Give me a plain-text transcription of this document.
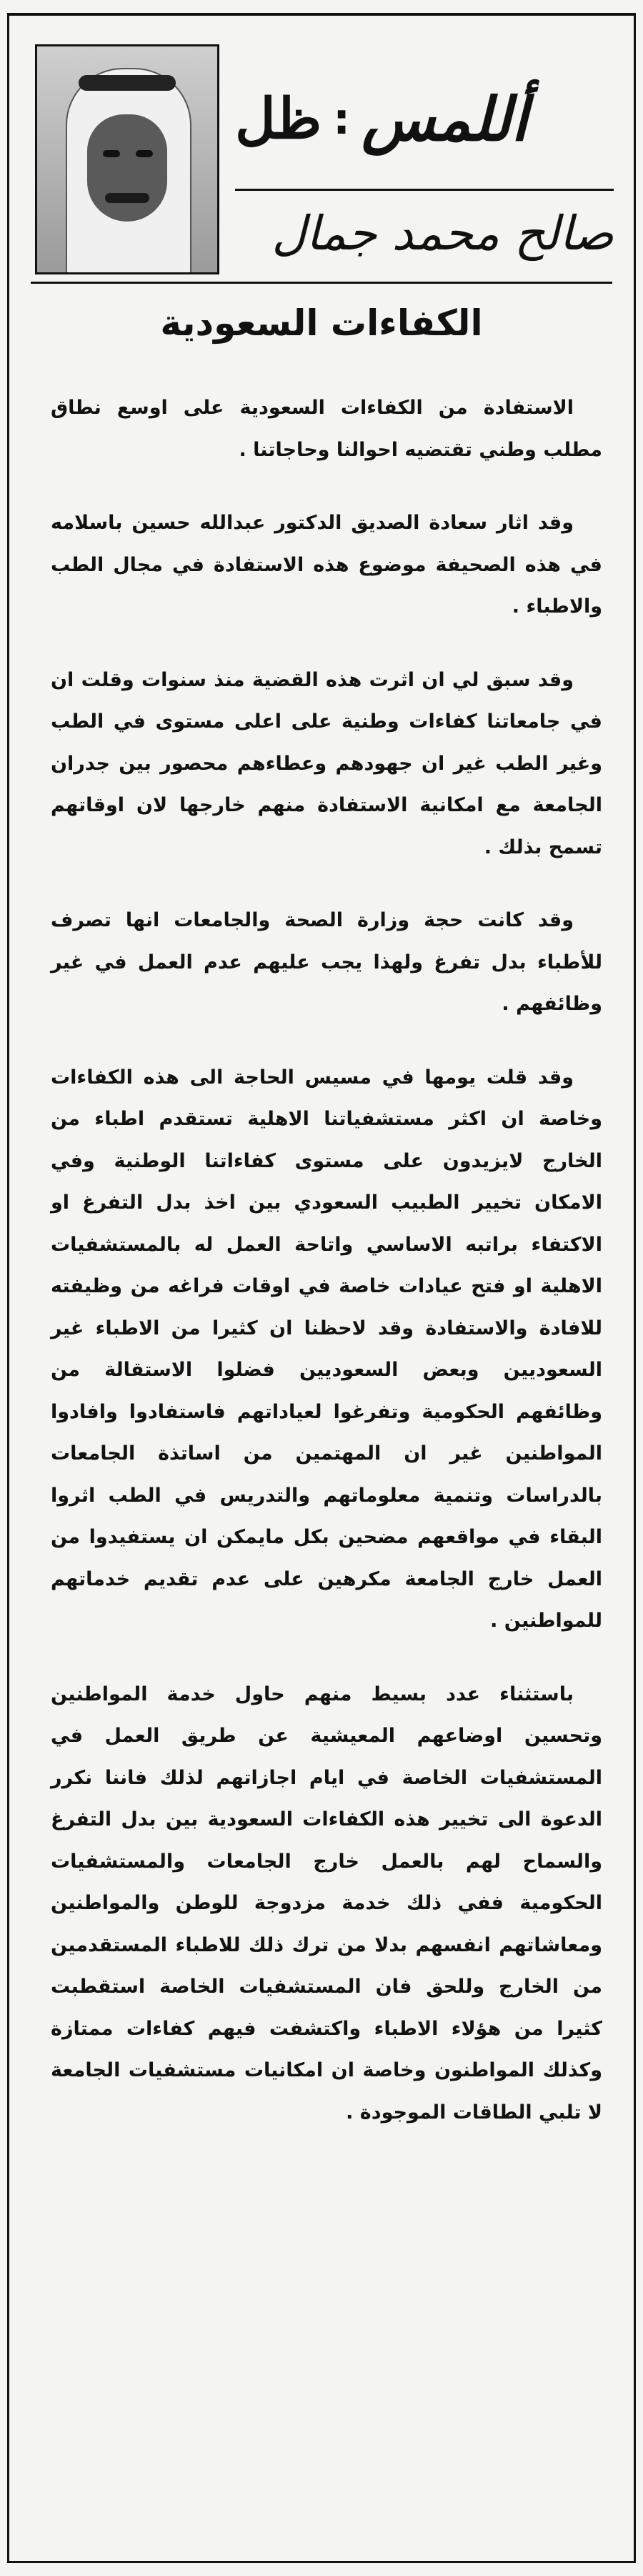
أللمس
:
ظل
صالح محمد جمال
الكفاءات السعودية

الاستفادة من الكفاءات السعودية على اوسع نطاق مطلب وطني تقتضيه احوالنا وحاجاتنا .

وقد اثار سعادة الصديق الدكتور عبدالله حسين باسلامه في هذه الصحيفة موضوع هذه الاستفادة في مجال الطب والاطباء .

وقد سبق لي ان اثرت هذه القضية منذ سنوات وقلت ان في جامعاتنا كفاءات وطنية على اعلى مستوى في الطب وغير الطب غير ان جهودهم وعطاءهم محصور بين جدران الجامعة مع امكانية الاستفادة منهم خارجها لان اوقاتهم تسمح بذلك .

وقد كانت حجة وزارة الصحة والجامعات انها تصرف للأطباء بدل تفرغ ولهذا يجب عليهم عدم العمل في غير وظائفهم .

وقد قلت يومها في مسيس الحاجة الى هذه الكفاءات وخاصة ان اكثر مستشفياتنا الاهلية تستقدم اطباء من الخارج لايزيدون على مستوى كفاءاتنا الوطنية وفي الامكان تخيير الطبيب السعودي بين اخذ بدل التفرغ او الاكتفاء براتبه الاساسي واتاحة العمل له بالمستشفيات الاهلية او فتح عيادات خاصة في اوقات فراغه من وظيفته للافادة والاستفادة وقد لاحظنا ان كثيرا من الاطباء غير السعوديين وبعض السعوديين فضلوا الاستقالة من وظائفهم الحكومية وتفرغوا لعياداتهم فاستفادوا وافادوا المواطنين غير ان المهتمين من اساتذة الجامعات بالدراسات وتنمية معلوماتهم والتدريس في الطب اثروا البقاء في مواقعهم مضحين بكل مايمكن ان يستفيدوا من العمل خارج الجامعة مكرهين على عدم تقديم خدماتهم للمواطنين .

باستثناء عدد بسيط منهم حاول خدمة المواطنين وتحسين اوضاعهم المعيشية عن طريق العمل في المستشفيات الخاصة في ايام اجازاتهم لذلك فاننا نكرر الدعوة الى تخيير هذه الكفاءات السعودية بين بدل التفرغ والسماح لهم بالعمل خارج الجامعات والمستشفيات الحكومية ففي ذلك خدمة مزدوجة للوطن والمواطنين ومعاشاتهم انفسهم بدلا من ترك ذلك للاطباء المستقدمين من الخارج وللحق فان المستشفيات الخاصة استقطبت كثيرا من هؤلاء الاطباء واكتشفت فيهم كفاءات ممتازة وكذلك المواطنون وخاصة ان امكانيات مستشفيات الجامعة لا تلبي الطاقات الموجودة .
